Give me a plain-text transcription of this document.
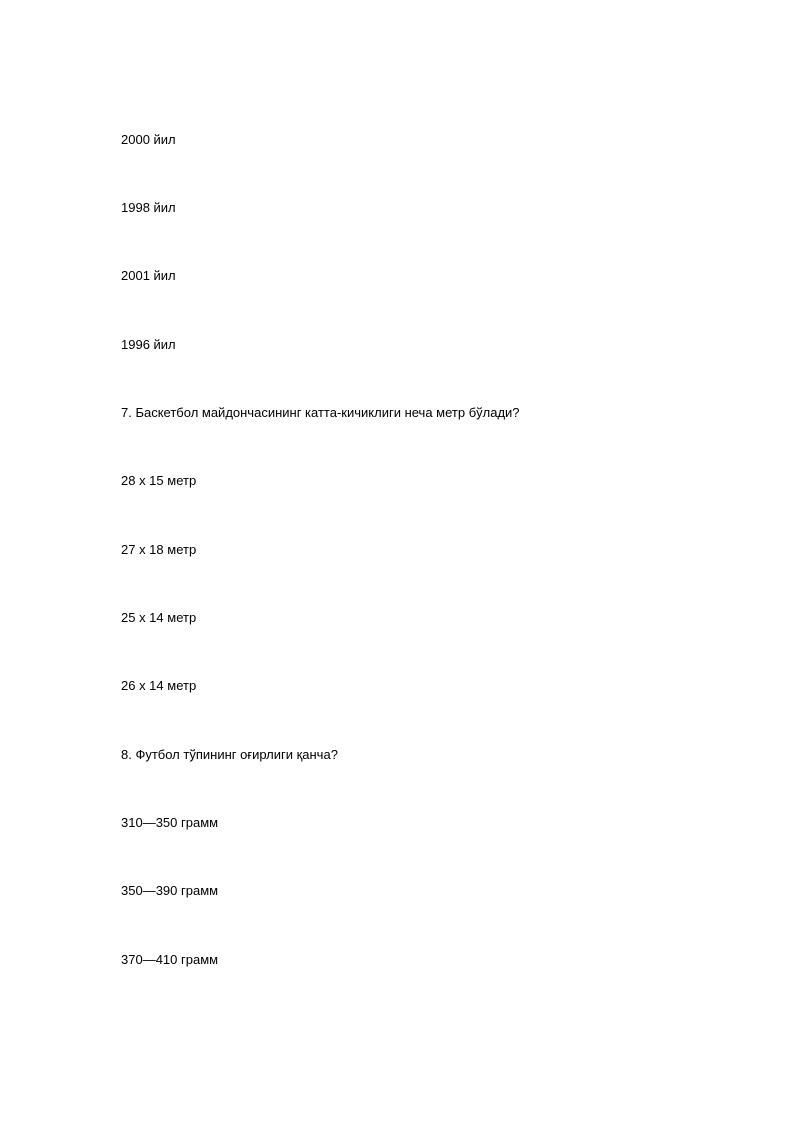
2000 йил
1998 йил
2001 йил
1996 йил
7. Баскетбол майдончасининг катта-кичиклиги неча метр бўлади?
28 х 15 метр
27 х 18 метр
25 х 14 метр
26 х 14 метр
8. Футбол тўпининг оғирлиги қанча?
310—350 грамм
350—390 грамм
370—410 грамм
